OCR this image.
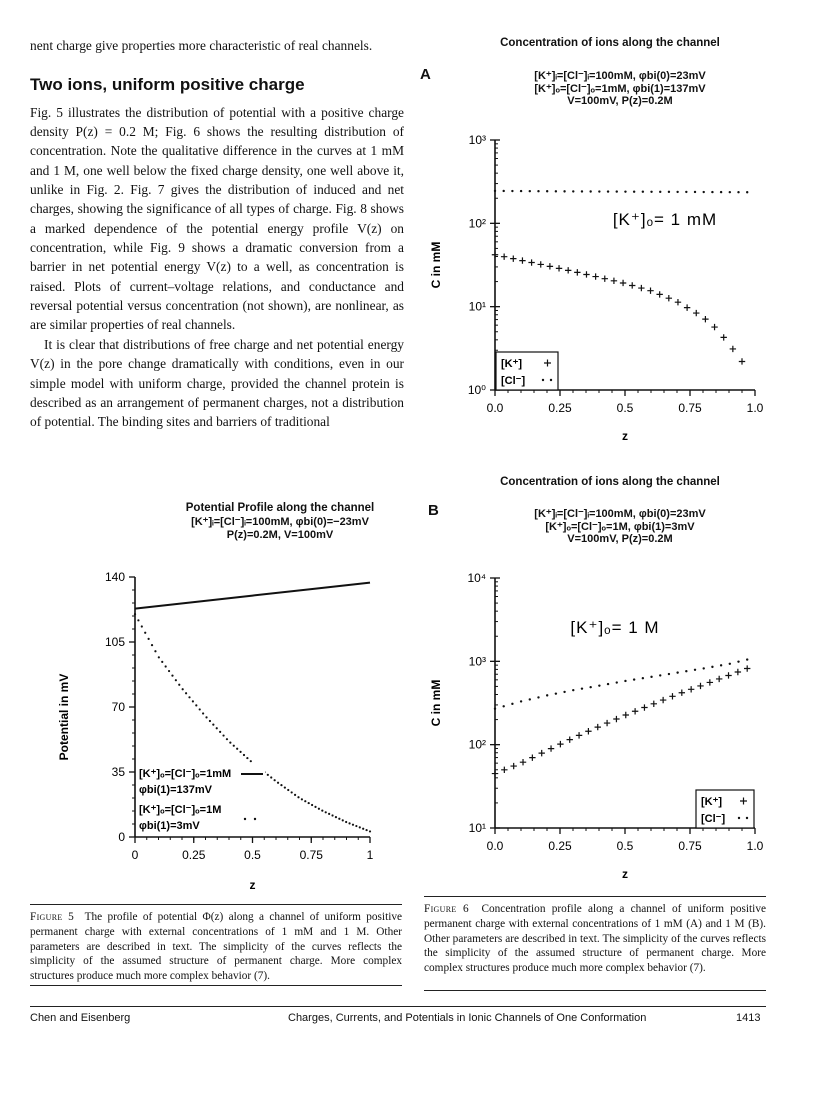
nent charge give properties more characteristic of real channels.

Two ions, uniform positive charge

Fig. 5 illustrates the distribution of potential with a positive charge density P(z) = 0.2 M; Fig. 6 shows the resulting distribution of concentration. Note the qualitative difference in the curves at 1 mM and 1 M, one well below the fixed charge density, one well above it, unlike in Fig. 2. Fig. 7 gives the distribution of induced and net charges, showing the significance of all types of charge. Fig. 8 shows a marked dependence of the potential energy profile V(z) on concentration, while Fig. 9 shows a dramatic conversion from a barrier in net potential energy V(z) to a well, as concentration is raised. Plots of current–voltage relations, and conductance and reversal potential versus concentration (not shown), are nonlinear, as are similar properties of real channels.

It is clear that distributions of free charge and net potential energy V(z) in the pore change dramatically with conditions, even in our simple model with uniform charge, provided the channel protein is described as an arrangement of permanent charges, not a distribution of potential. The binding sites and barriers of traditional

Concentration of ions along the channel
A	[K⁺]ᵢ=[Cl⁻]ᵢ=100mM, φbi(0)=23mV
[K⁺]ₒ=[Cl⁻]ₒ=1mM, φbi(1)=137mV
V=100mV, P(z)=0.2M
10⁰
10¹
10²
10³
0.0	0.25	0.5	0.75	1.0
C in mM
z
[K⁺]ₒ= 1 mM
[K⁺]
[Cl⁻]
Potential Profile along the channel
[K⁺]ᵢ=[Cl⁻]ᵢ=100mM, φbi(0)=−23mV
P(z)=0.2M, V=100mV
0
35
70
105
140
0	0.25	0.5	0.75	1
Potential in mV
z
[K⁺]ₒ=[Cl⁻]ₒ=1mM
φbi(1)=137mV
[K⁺]ₒ=[Cl⁻]ₒ=1M
φbi(1)=3mV
Concentration of ions along the channel
B	[K⁺]ᵢ=[Cl⁻]ᵢ=100mM, φbi(0)=23mV
[K⁺]ₒ=[Cl⁻]ₒ=1M, φbi(1)=3mV
V=100mV, P(z)=0.2M
10¹
10²
10³
10⁴
0.0	0.25	0.5	0.75	1.0
C in mM
z
[K⁺]ₒ= 1 M
[K⁺]
[Cl⁻]
Figure 5 The profile of potential Φ(z) along a channel of uniform positive permanent charge with external concentrations of 1 mM and 1 M. Other parameters are described in text. The simplicity of the curves reflects the simplicity of the assumed structure of permanent charge. More complex structures produce much more complex behavior (7).
Figure 6 Concentration profile along a channel of uniform positive permanent charge with external concentrations of 1 mM (A) and 1 M (B). Other parameters are described in text. The simplicity of the curves reflects the simplicity of the assumed structure of permanent charge. More complex structures produce much more complex behavior (7).
Chen and Eisenberg	Charges, Currents, and Potentials in Ionic Channels of One Conformation	1413
